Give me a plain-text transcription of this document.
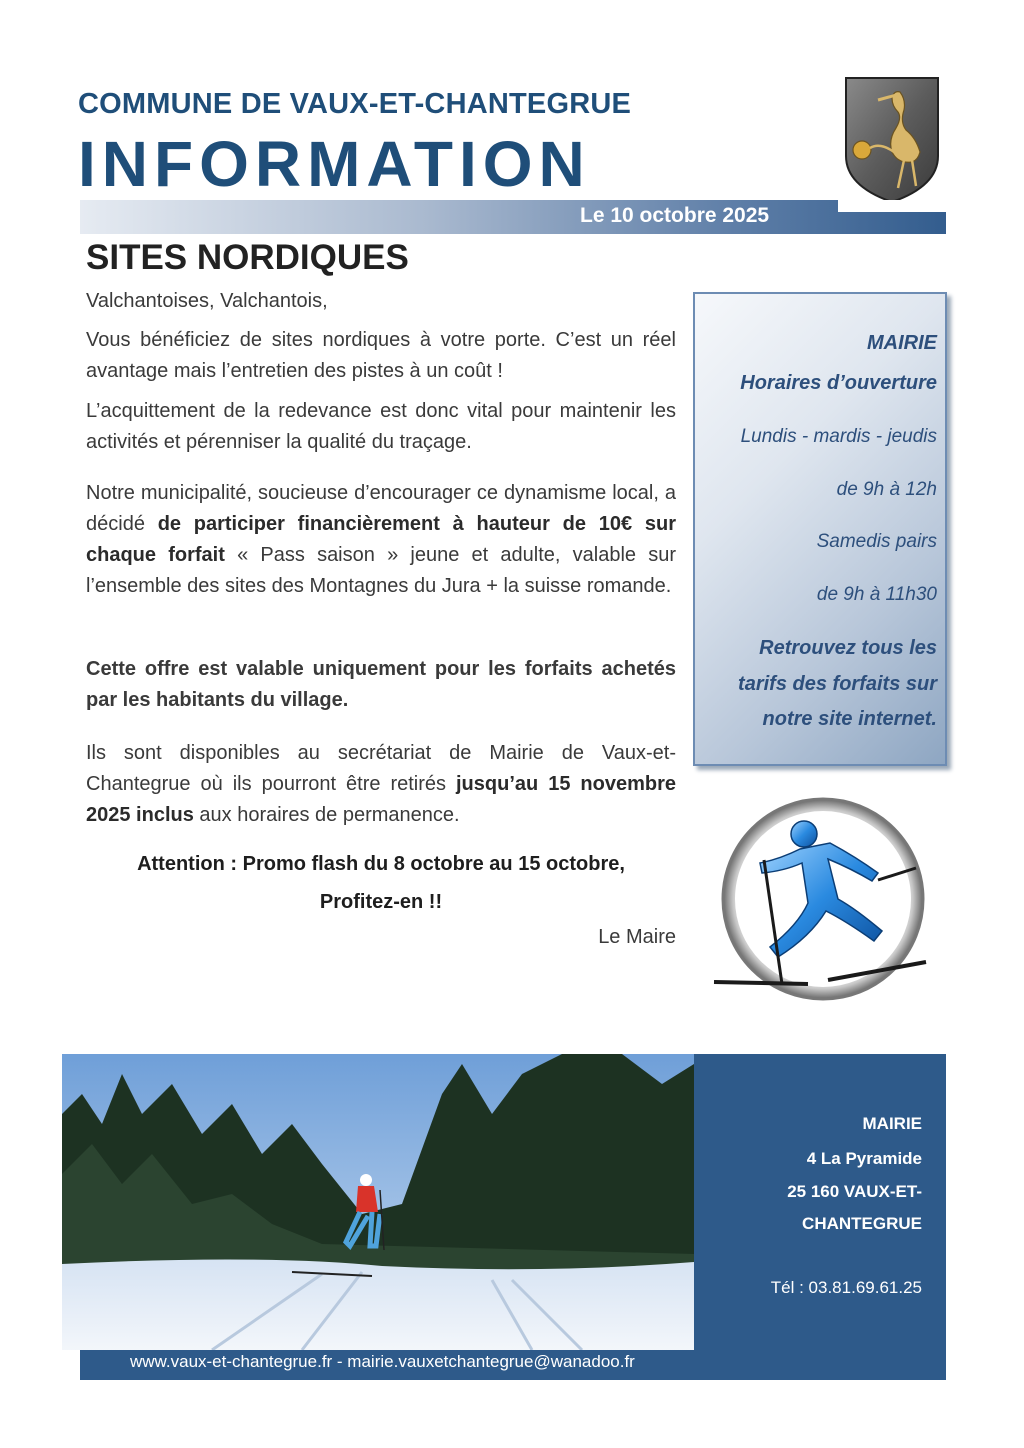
COMMUNE DE VAUX-ET-CHANTEGRUE
INFORMATION
Le 10 octobre 2025
SITES NORDIQUES
Valchantoises, Valchantois,
Vous bénéficiez de sites nordiques à votre porte. C’est un réel avantage mais l’entretien des pistes à un coût !
L’acquittement de la redevance est donc vital pour maintenir les activités et pérenniser la qualité du traçage.
Notre municipalité, soucieuse d’encourager ce dynamisme local, a décidé de participer financièrement à hauteur de 10€ sur chaque forfait « Pass saison » jeune et adulte, valable sur l’ensemble des sites des Montagnes du Jura + la suisse romande.
Cette offre est valable uniquement pour les forfaits achetés par les habitants du village.
Ils sont disponibles au secrétariat de Mairie de Vaux-et-Chantegrue où ils pourront être retirés jusqu’au 15 novembre 2025 inclus aux horaires de permanence.
Attention : Promo flash du 8 octobre au 15 octobre,
Profitez-en !!
Le Maire
MAIRIE
Horaires d’ouverture
Lundis - mardis - jeudis
de 9h à 12h
Samedis pairs
de 9h à 11h30
Retrouvez tous les
tarifs des forfaits sur
notre site internet.
MAIRIE
4 La Pyramide
25 160 VAUX-ET-
CHANTEGRUE
Tél : 03.81.69.61.25
www.vaux-et-chantegrue.fr - mairie.vauxetchantegrue@wanadoo.fr
